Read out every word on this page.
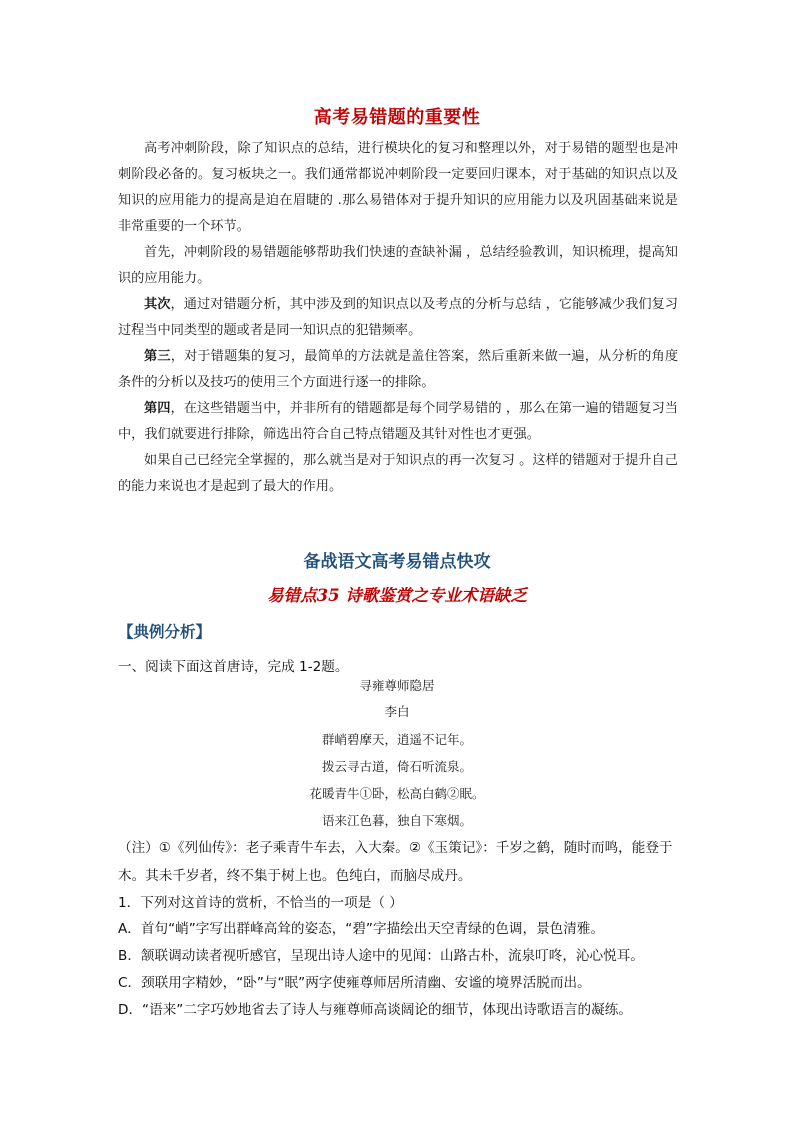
高考易错题的重要性

高考冲刺阶段，除了知识点的总结，进行模块化的复习和整理以外，对于易错的题型也是冲刺阶段必备的。复习板块之一。我们通常都说冲刺阶段一定要回归课本，对于基础的知识点以及知识的应用能力的提高是迫在眉睫的 .那么易错体对于提升知识的应用能力以及巩固基础来说是非常重要的一个环节。

首先，冲刺阶段的易错题能够帮助我们快速的查缺补漏 ，总结经验教训，知识梳理，提高知识的应用能力。

其次，通过对错题分析，其中涉及到的知识点以及考点的分析与总结 ，它能够减少我们复习过程当中同类型的题或者是同一知识点的犯错频率。

第三，对于错题集的复习，最简单的方法就是盖住答案，然后重新来做一遍，从分析的角度条件的分析以及技巧的使用三个方面进行逐一的排除。

第四，在这些错题当中，并非所有的错题都是每个同学易错的 ，那么在第一遍的错题复习当中，我们就要进行排除，筛选出符合自己特点错题及其针对性也才更强。

如果自己已经完全掌握的，那么就当是对于知识点的再一次复习 。这样的错题对于提升自己的能力来说也才是起到了最大的作用。

备战语文高考易错点快攻
易错点35 诗歌鉴赏之专业术语缺乏
【典例分析】
一、阅读下面这首唐诗，完成 1-2题。
寻雍尊师隐居
李白
群峭碧摩天，逍遥不记年。
拨云寻古道，倚石听流泉。
花暖青牛①卧，松高白鹤②眠。
语来江色暮，独自下寒烟。

（注）①《列仙传》：老子乘青牛车去，入大秦。②《玉策记》：千岁之鹤，随时而鸣，能登于木。其未千岁者，终不集于树上也。色纯白，而脑尽成丹。

1．下列对这首诗的赏析，不恰当的一项是（ ）

A．首句“峭”字写出群峰高耸的姿态，“碧”字描绘出天空青绿的色调，景色清雅。

B．颔联调动读者视听感官，呈现出诗人途中的见闻：山路古朴，流泉叮咚，沁心悦耳。

C．颈联用字精妙，“卧”与“眠”两字使雍尊师居所清幽、安谧的境界活脱而出。

D．“语来”二字巧妙地省去了诗人与雍尊师高谈阔论的细节，体现出诗歌语言的凝练。
